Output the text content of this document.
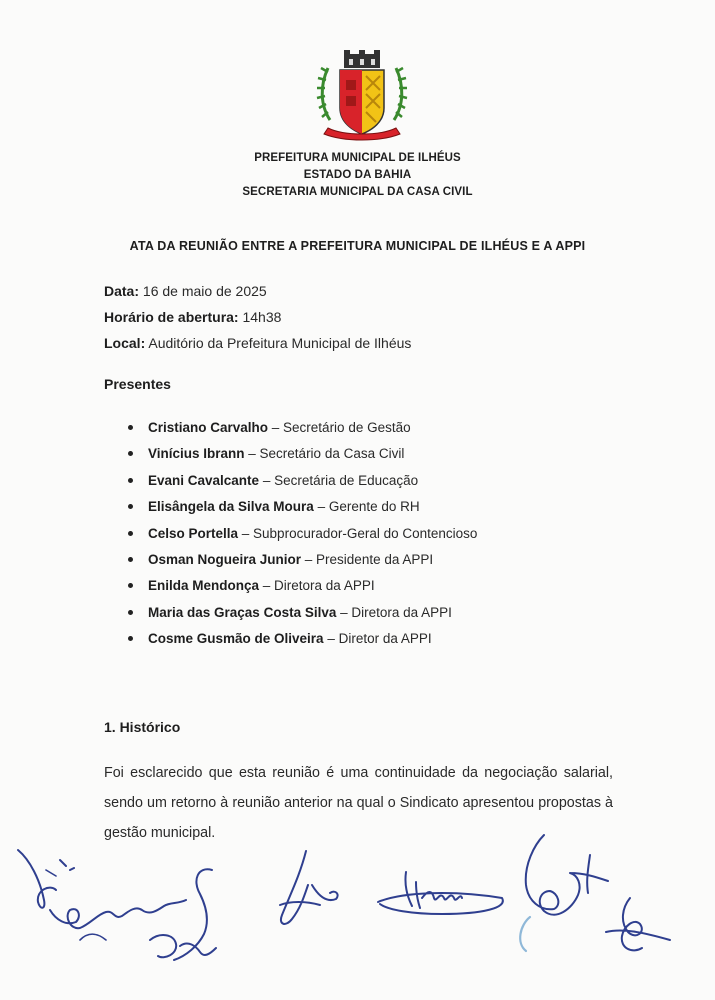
PREFEITURA MUNICIPAL DE ILHÉUS
ESTADO DA BAHIA
SECRETARIA MUNICIPAL DA CASA CIVIL
ATA DA REUNIÃO ENTRE A PREFEITURA MUNICIPAL DE ILHÉUS E A APPI
Data: 16 de maio de 2025
Horário de abertura: 14h38
Local: Auditório da Prefeitura Municipal de Ilhéus
Presentes
Cristiano Carvalho – Secretário de Gestão
Vinícius Ibrann – Secretário da Casa Civil
Evani Cavalcante – Secretária de Educação
Elisângela da Silva Moura – Gerente do RH
Celso Portella – Subprocurador-Geral do Contencioso
Osman Nogueira Junior – Presidente da APPI
Enilda Mendonça – Diretora da APPI
Maria das Graças Costa Silva – Diretora da APPI
Cosme Gusmão de Oliveira – Diretor da APPI
1. Histórico
Foi esclarecido que esta reunião é uma continuidade da negociação salarial, sendo um retorno à reunião anterior na qual o Sindicato apresentou propostas à gestão municipal.
